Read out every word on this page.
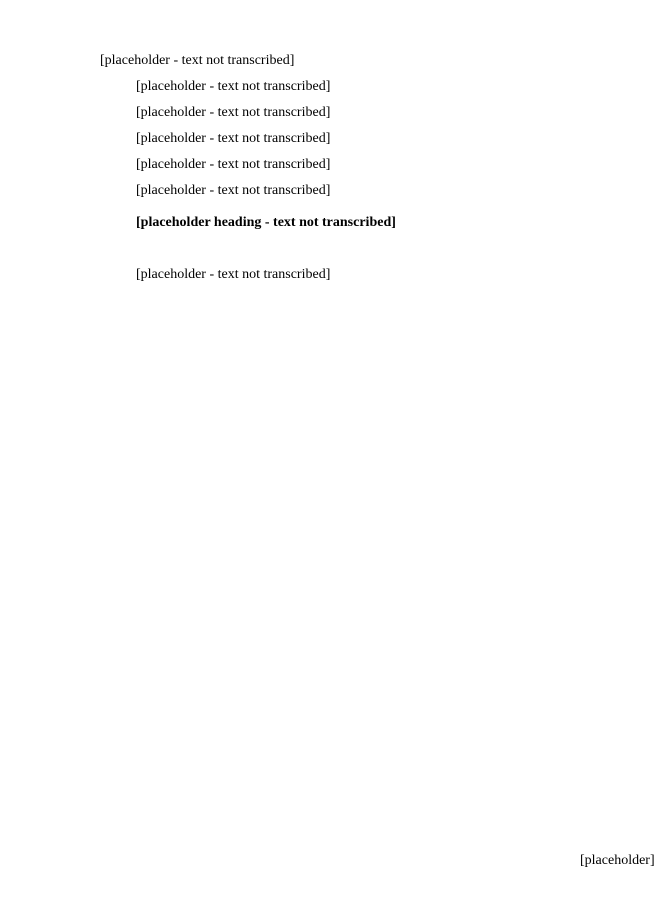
[placeholder - text not transcribed]

[placeholder - text not transcribed]

[placeholder - text not transcribed]

[placeholder - text not transcribed]

[placeholder - text not transcribed]

[placeholder - text not transcribed]

[placeholder heading - text not transcribed]

[placeholder - text not transcribed]

[placeholder]
